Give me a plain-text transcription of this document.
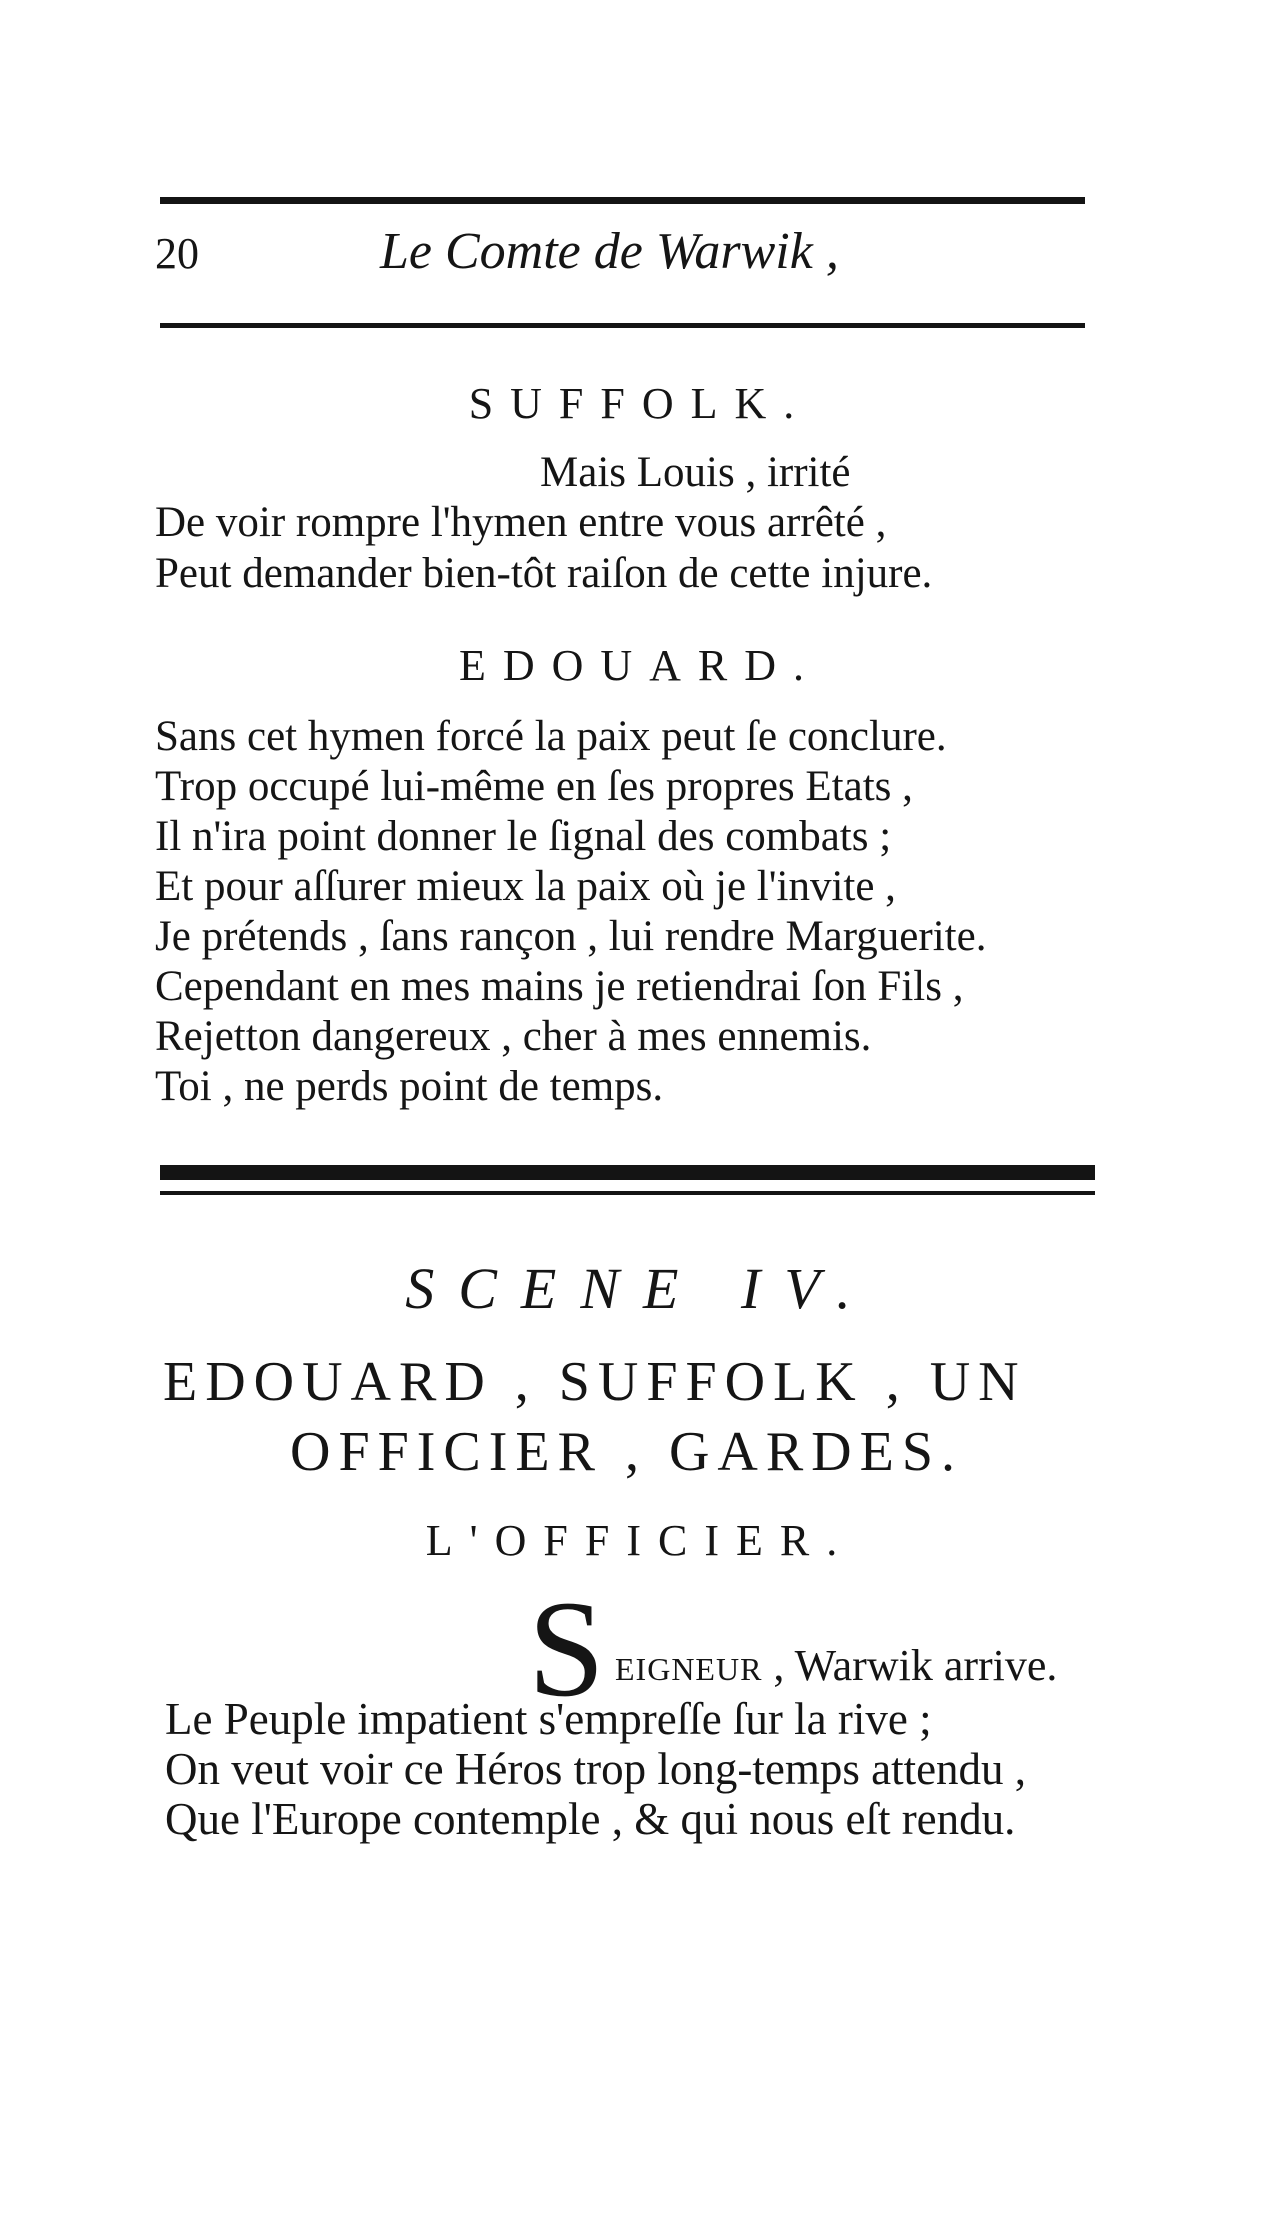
20	Le Comte de Warwik ,
SUFFOLK.
Mais Louis , irrité
De voir rompre l'hymen entre vous arrêté ,
Peut demander bien-tôt raiſon de cette injure.
EDOUARD.
Sans cet hymen forcé la paix peut ſe conclure.
Trop occupé lui-même en ſes propres Etats ,
Il n'ira point donner le ſignal des combats ;
Et pour aſſurer mieux la paix où je l'invite ,
Je prétends , ſans rançon , lui rendre Marguerite.
Cependant en mes mains je retiendrai ſon Fils ,
Rejetton dangereux , cher à mes ennemis.
Toi , ne perds point de temps.
SCENE IV.
EDOUARD , SUFFOLK , UN
OFFICIER , GARDES.
L'OFFICIER.
S EIGNEUR , Warwik arrive.
Le Peuple impatient s'empreſſe ſur la rive ;
On veut voir ce Héros trop long-temps attendu ,
Que l'Europe contemple , & qui nous eſt rendu.
